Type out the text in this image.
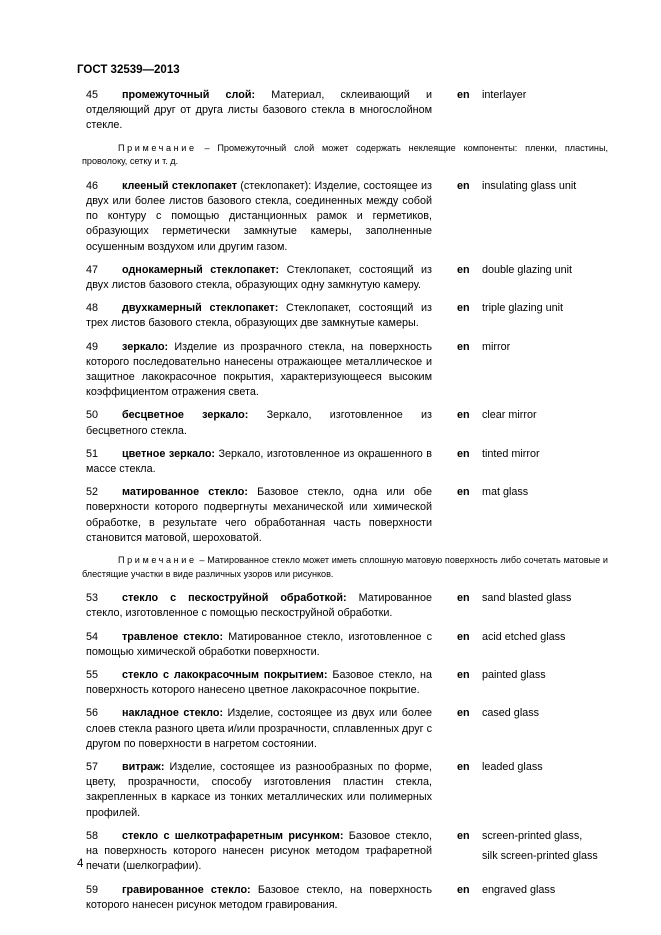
ГОСТ 32539—2013
45 промежуточный слой: Материал, склеивающий и отделяющий друг от друга листы базового стекла в многослойном стекле.
en interlayer
Примечание – Промежуточный слой может содержать неклеящие компоненты: пленки, пластины, проволоку, сетку и т. д.
46 клееный стеклопакет (стеклопакет): Изделие, состоящее из двух или более листов базового стекла, соединенных между собой по контуру с помощью дистанционных рамок и герметиков, образующих герметически замкнутые камеры, заполненные осушенным воздухом или другим газом.
en insulating glass unit
47 однокамерный стеклопакет: Стеклопакет, состоящий из двух листов базового стекла, образующих одну замкнутую камеру.
en double glazing unit
48 двухкамерный стеклопакет: Стеклопакет, состоящий из трех листов базового стекла, образующих две замкнутые камеры.
en triple glazing unit
49 зеркало: Изделие из прозрачного стекла, на поверхность которого последовательно нанесены отражающее металлическое и защитное лакокрасочное покрытия, характеризующееся высоким коэффициентом отражения света.
en mirror
50 бесцветное зеркало: Зеркало, изготовленное из бесцветного стекла.
en clear mirror
51 цветное зеркало: Зеркало, изготовленное из окрашенного в массе стекла.
en tinted mirror
52 матированное стекло: Базовое стекло, одна или обе поверхности которого подвергнуты механической или химической обработке, в результате чего обработанная часть поверхности становится матовой, шероховатой.
en mat glass
Примечание – Матированное стекло может иметь сплошную матовую поверхность либо сочетать матовые и блестящие участки в виде различных узоров или рисунков.
53 стекло с пескоструйной обработкой: Матированное стекло, изготовленное с помощью пескоструйной обработки.
en sand blasted glass
54 травленое стекло: Матированное стекло, изготовленное с помощью химической обработки поверхности.
en acid etched glass
55 стекло с лакокрасочным покрытием: Базовое стекло, на поверхность которого нанесено цветное лакокрасочное покрытие.
en painted glass
56 накладное стекло: Изделие, состоящее из двух или более слоев стекла разного цвета и/или прозрачности, сплавленных друг с другом по поверхности в нагретом состоянии.
en cased glass
57 витраж: Изделие, состоящее из разнообразных по форме, цвету, прозрачности, способу изготовления пластин стекла, закрепленных в каркасе из тонких металлических или полимерных профилей.
en leaded glass
58 стекло с шелкотрафаретным рисунком: Базовое стекло, на поверхность которого нанесен рисунок методом трафаретной печати (шелкографии).
en screen-printed glass,
silk screen-printed glass
59 гравированное стекло: Базовое стекло, на поверхность которого нанесен рисунок методом гравирования.
en engraved glass
4
